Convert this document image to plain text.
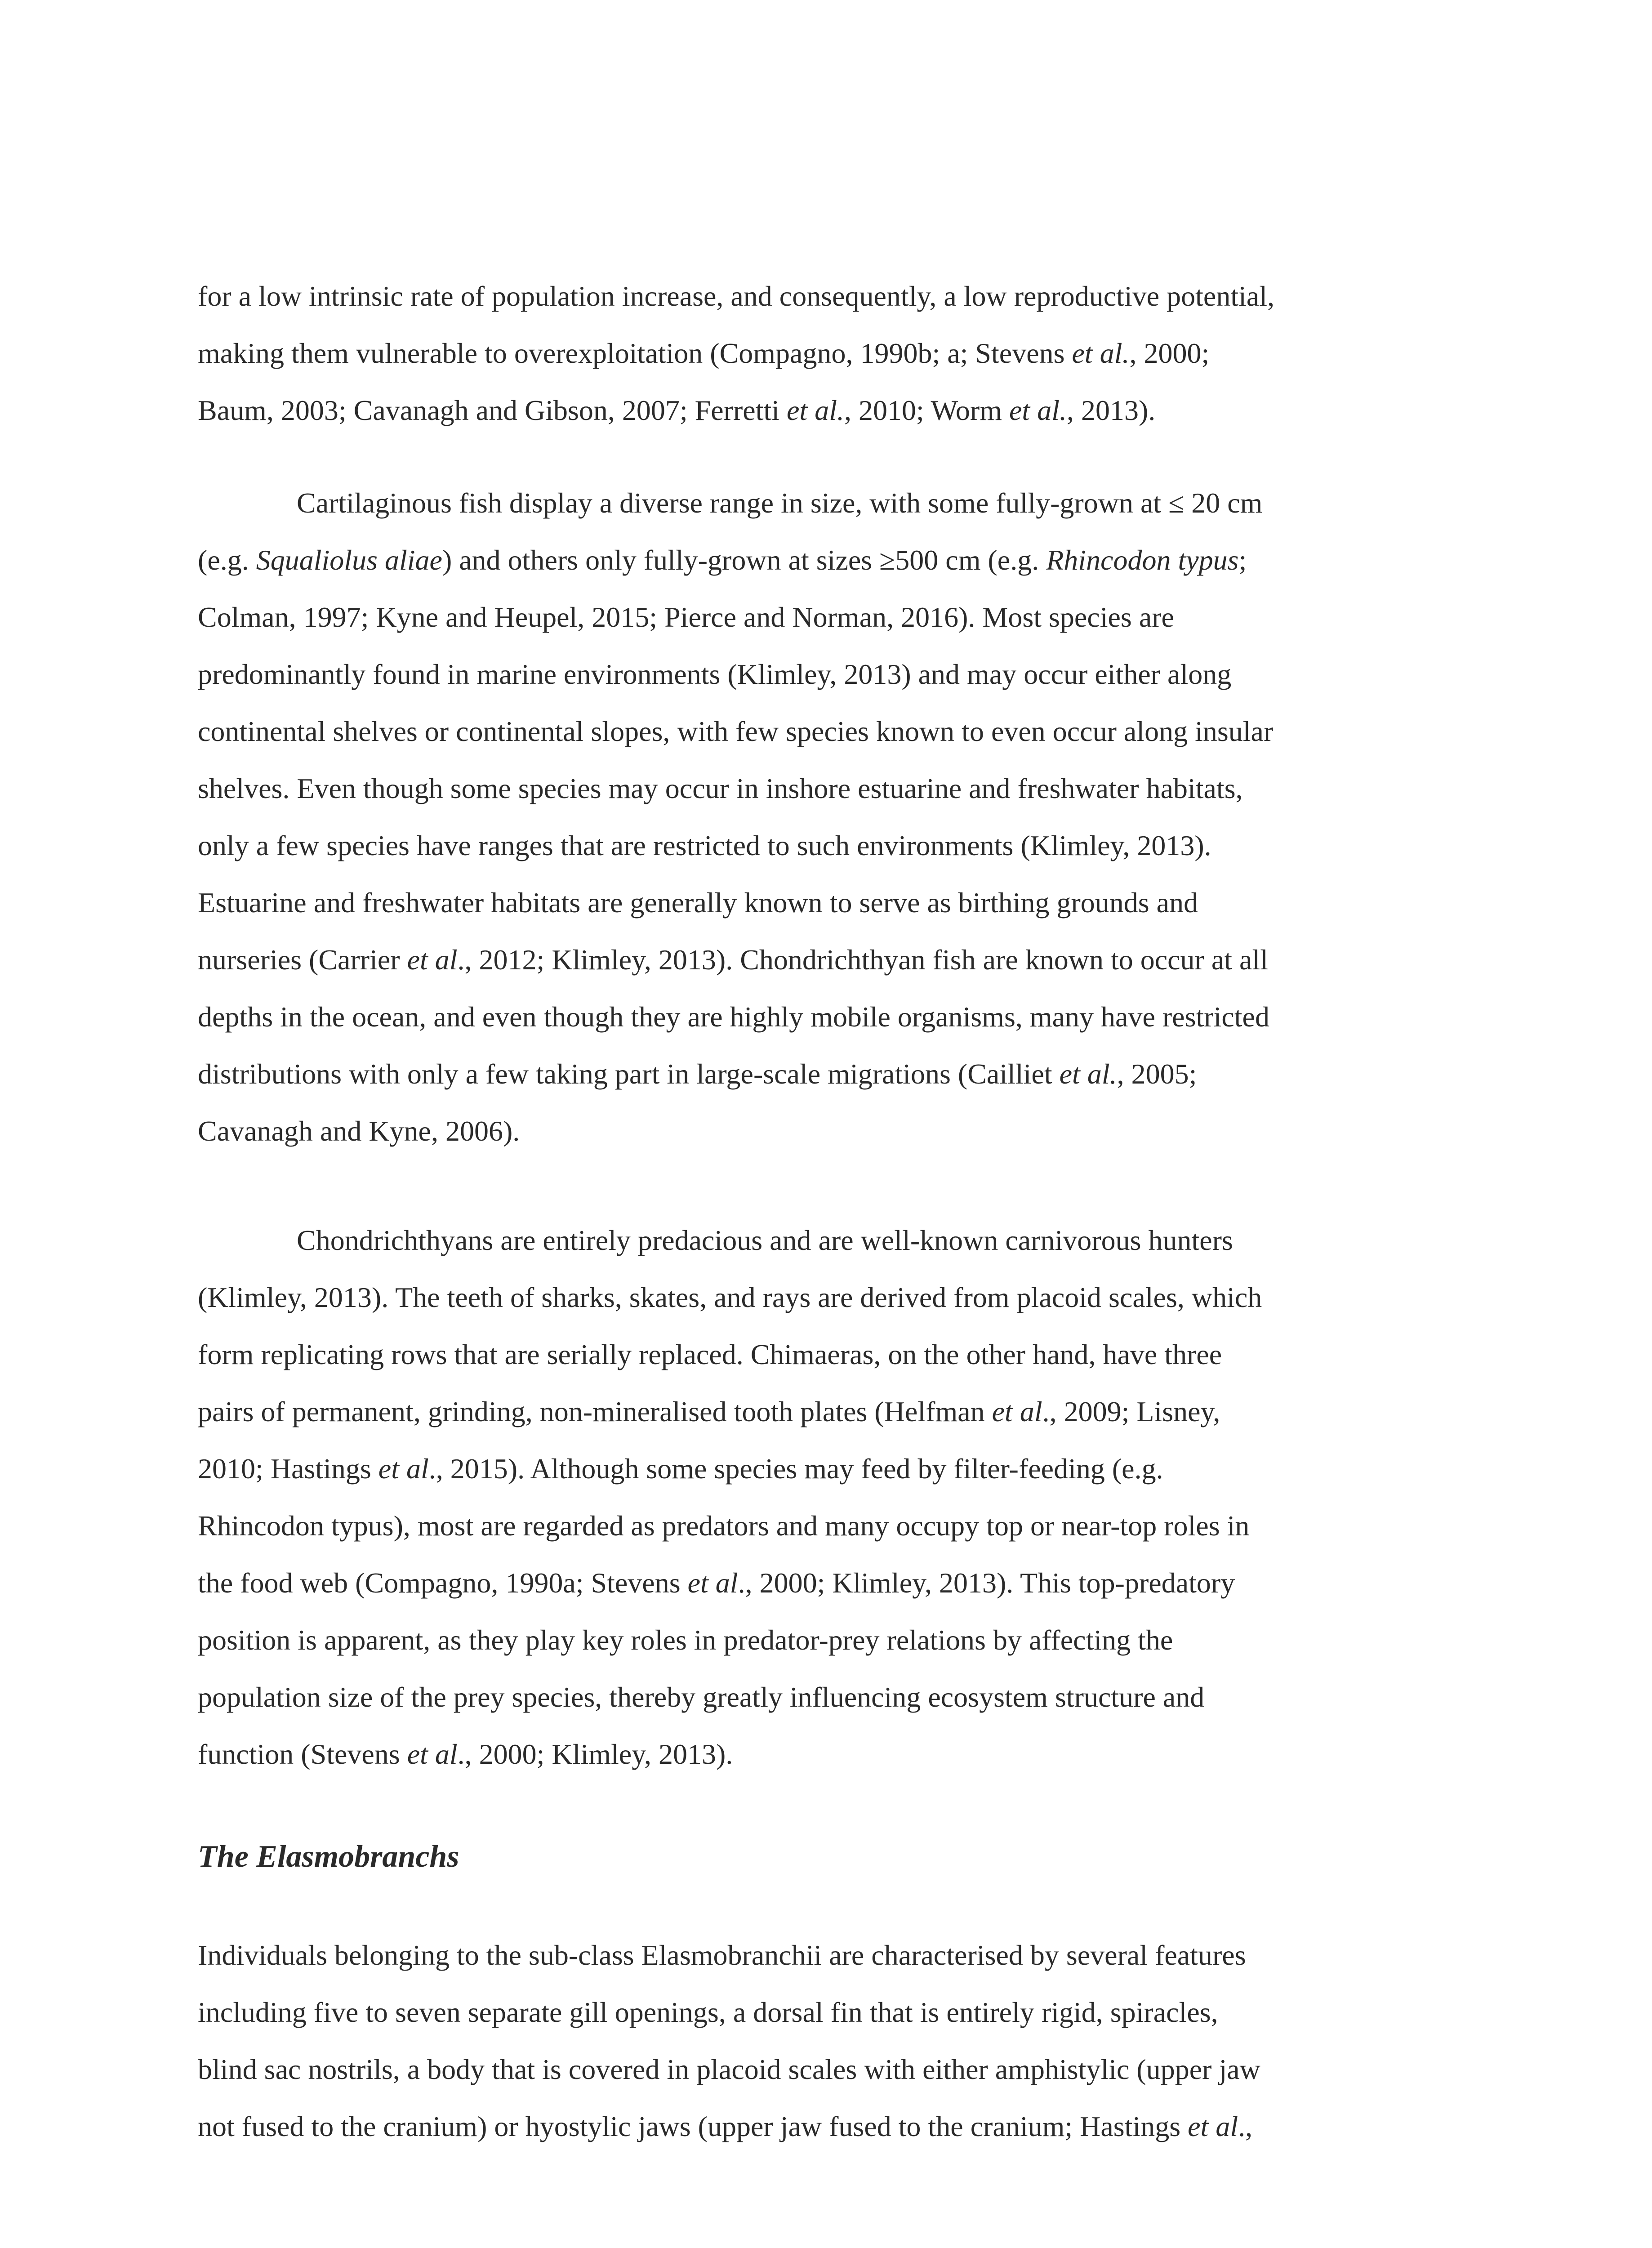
for a low intrinsic rate of population increase, and consequently, a low reproductive potential,
making them vulnerable to overexploitation (Compagno, 1990b; a; Stevens et al., 2000;
Baum, 2003; Cavanagh and Gibson, 2007; Ferretti et al., 2010; Worm et al., 2013).
Cartilaginous fish display a diverse range in size, with some fully-grown at ≤ 20 cm
(e.g. Squaliolus aliae) and others only fully-grown at sizes ≥500 cm (e.g. Rhincodon typus;
Colman, 1997; Kyne and Heupel, 2015; Pierce and Norman, 2016). Most species are
predominantly found in marine environments (Klimley, 2013) and may occur either along
continental shelves or continental slopes, with few species known to even occur along insular
shelves. Even though some species may occur in inshore estuarine and freshwater habitats,
only a few species have ranges that are restricted to such environments (Klimley, 2013).
Estuarine and freshwater habitats are generally known to serve as birthing grounds and
nurseries (Carrier et al., 2012; Klimley, 2013). Chondrichthyan fish are known to occur at all
depths in the ocean, and even though they are highly mobile organisms, many have restricted
distributions with only a few taking part in large-scale migrations (Cailliet et al., 2005;
Cavanagh and Kyne, 2006).
Chondrichthyans are entirely predacious and are well-known carnivorous hunters
(Klimley, 2013). The teeth of sharks, skates, and rays are derived from placoid scales, which
form replicating rows that are serially replaced. Chimaeras, on the other hand, have three
pairs of permanent, grinding, non-mineralised tooth plates (Helfman et al., 2009; Lisney,
2010; Hastings et al., 2015). Although some species may feed by filter-feeding (e.g.
Rhincodon typus), most are regarded as predators and many occupy top or near-top roles in
the food web (Compagno, 1990a; Stevens et al., 2000; Klimley, 2013). This top-predatory
position is apparent, as they play key roles in predator-prey relations by affecting the
population size of the prey species, thereby greatly influencing ecosystem structure and
function (Stevens et al., 2000; Klimley, 2013).
The Elasmobranchs
Individuals belonging to the sub-class Elasmobranchii are characterised by several features
including five to seven separate gill openings, a dorsal fin that is entirely rigid, spiracles,
blind sac nostrils, a body that is covered in placoid scales with either amphistylic (upper jaw
not fused to the cranium) or hyostylic jaws (upper jaw fused to the cranium; Hastings et al.,
